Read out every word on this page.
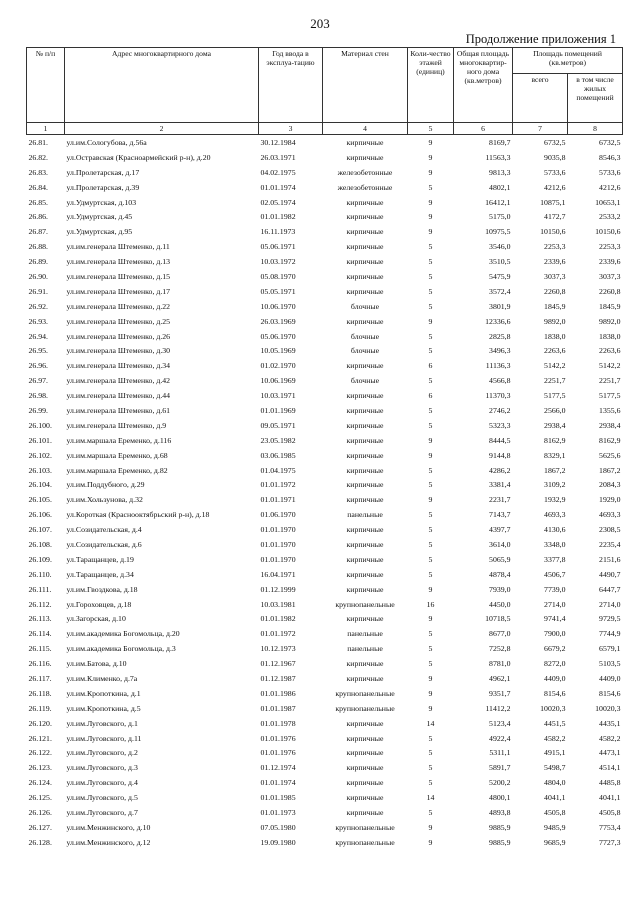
203
Продолжение приложения 1
№ п/п	Адрес многоквартирного дома	Год ввода в эксплуа-тацию	Материал стен	Коли-чество этажей (единиц)	Общая площадь многоквартир-ного дома (кв.метров)	Площадь помещений (кв.метров)	
						всего	в том числе жилых помещений
1	2	3	4	5	6	7	8
26.81.	ул.им.Сологубова, д.56а	30.12.1984	кирпичные	9	8169,7	6732,5	6732,5
26.82.	ул.Остравская (Красноармейский р-н), д.20	26.03.1971	кирпичные	9	11563,3	9035,8	8546,3
26.83.	ул.Пролетарская, д.17	04.02.1975	железобетонные	9	9813,3	5733,6	5733,6
26.84.	ул.Пролетарская, д.39	01.01.1974	железобетонные	5	4802,1	4212,6	4212,6
26.85.	ул.Удмуртская, д.103	02.05.1974	кирпичные	9	16412,1	10875,1	10653,1
26.86.	ул.Удмуртская, д.45	01.01.1982	кирпичные	9	5175,0	4172,7	2533,2
26.87.	ул.Удмуртская, д.95	16.11.1973	кирпичные	9	10975,5	10150,6	10150,6
26.88.	ул.им.генерала Штеменко, д.11	05.06.1971	кирпичные	5	3546,0	2253,3	2253,3
26.89.	ул.им.генерала Штеменко, д.13	10.03.1972	кирпичные	5	3510,5	2339,6	2339,6
26.90.	ул.им.генерала Штеменко, д.15	05.08.1970	кирпичные	5	5475,9	3037,3	3037,3
26.91.	ул.им.генерала Штеменко, д.17	05.05.1971	кирпичные	5	3572,4	2260,8	2260,8
26.92.	ул.им.генерала Штеменко, д.22	10.06.1970	блочные	5	3801,9	1845,9	1845,9
26.93.	ул.им.генерала Штеменко, д.25	26.03.1969	кирпичные	9	12336,6	9892,0	9892,0
26.94.	ул.им.генерала Штеменко, д.26	05.06.1970	блочные	5	2825,8	1838,0	1838,0
26.95.	ул.им.генерала Штеменко, д.30	10.05.1969	блочные	5	3496,3	2263,6	2263,6
26.96.	ул.им.генерала Штеменко, д.34	01.02.1970	кирпичные	6	11136,3	5142,2	5142,2
26.97.	ул.им.генерала Штеменко, д.42	10.06.1969	блочные	5	4566,8	2251,7	2251,7
26.98.	ул.им.генерала Штеменко, д.44	10.03.1971	кирпичные	6	11370,3	5177,5	5177,5
26.99.	ул.им.генерала Штеменко, д.61	01.01.1969	кирпичные	5	2746,2	2566,0	1355,6
26.100.	ул.им.генерала Штеменко, д.9	09.05.1971	кирпичные	5	5323,3	2938,4	2938,4
26.101.	ул.им.маршала Еременко, д.116	23.05.1982	кирпичные	9	8444,5	8162,9	8162,9
26.102.	ул.им.маршала Еременко, д.68	03.06.1985	кирпичные	9	9144,8	8329,1	5625,6
26.103.	ул.им.маршала Еременко, д.82	01.04.1975	кирпичные	5	4286,2	1867,2	1867,2
26.104.	ул.им.Поддубного, д.29	01.01.1972	кирпичные	5	3381,4	3109,2	2084,3
26.105.	ул.им.Хользунова, д.32	01.01.1971	кирпичные	9	2231,7	1932,9	1929,0
26.106.	ул.Короткая (Краснооктябрьский р-н), д.18	01.06.1970	панельные	5	7143,7	4693,3	4693,3
26.107.	ул.Созидательская, д.4	01.01.1970	кирпичные	5	4397,7	4130,6	2308,5
26.108.	ул.Созидательская, д.6	01.01.1970	кирпичные	5	3614,0	3348,0	2235,4
26.109.	ул.Таращанцев, д.19	01.01.1970	кирпичные	5	5065,9	3377,8	2151,6
26.110.	ул.Таращанцев, д.34	16.04.1971	кирпичные	5	4878,4	4506,7	4490,7
26.111.	ул.им.Гвоздкова, д.18	01.12.1999	кирпичные	9	7939,0	7739,0	6447,7
26.112.	ул.Гороховцев, д.18	10.03.1981	крупнопанельные	16	4450,0	2714,0	2714,0
26.113.	ул.Загорская, д.10	01.01.1982	кирпичные	9	10718,5	9741,4	9729,5
26.114.	ул.им.академика Богомольца, д.20	01.01.1972	панельные	5	8677,0	7900,0	7744,9
26.115.	ул.им.академика Богомольца, д.3	10.12.1973	панельные	5	7252,8	6679,2	6579,1
26.116.	ул.им.Батова, д.10	01.12.1967	кирпичные	5	8781,0	8272,0	5103,5
26.117.	ул.им.Клименко, д.7а	01.12.1987	кирпичные	9	4962,1	4409,0	4409,0
26.118.	ул.им.Кропоткина, д.1	01.01.1986	крупнопанельные	9	9351,7	8154,6	8154,6
26.119.	ул.им.Кропоткина, д.5	01.01.1987	крупнопанельные	9	11412,2	10020,3	10020,3
26.120.	ул.им.Луговского, д.1	01.01.1978	кирпичные	14	5123,4	4451,5	4435,1
26.121.	ул.им.Луговского, д.11	01.01.1976	кирпичные	5	4922,4	4582,2	4582,2
26.122.	ул.им.Луговского, д.2	01.01.1976	кирпичные	5	5311,1	4915,1	4473,1
26.123.	ул.им.Луговского, д.3	01.12.1974	кирпичные	5	5891,7	5498,7	4514,1
26.124.	ул.им.Луговского, д.4	01.01.1974	кирпичные	5	5200,2	4804,0	4485,8
26.125.	ул.им.Луговского, д.5	01.01.1985	кирпичные	14	4800,1	4041,1	4041,1
26.126.	ул.им.Луговского, д.7	01.01.1973	кирпичные	5	4893,8	4505,8	4505,8
26.127.	ул.им.Менжинского, д.10	07.05.1980	крупнопанельные	9	9885,9	9485,9	7753,4
26.128.	ул.им.Менжинского, д.12	19.09.1980	крупнопанельные	9	9885,9	9685,9	7727,3
